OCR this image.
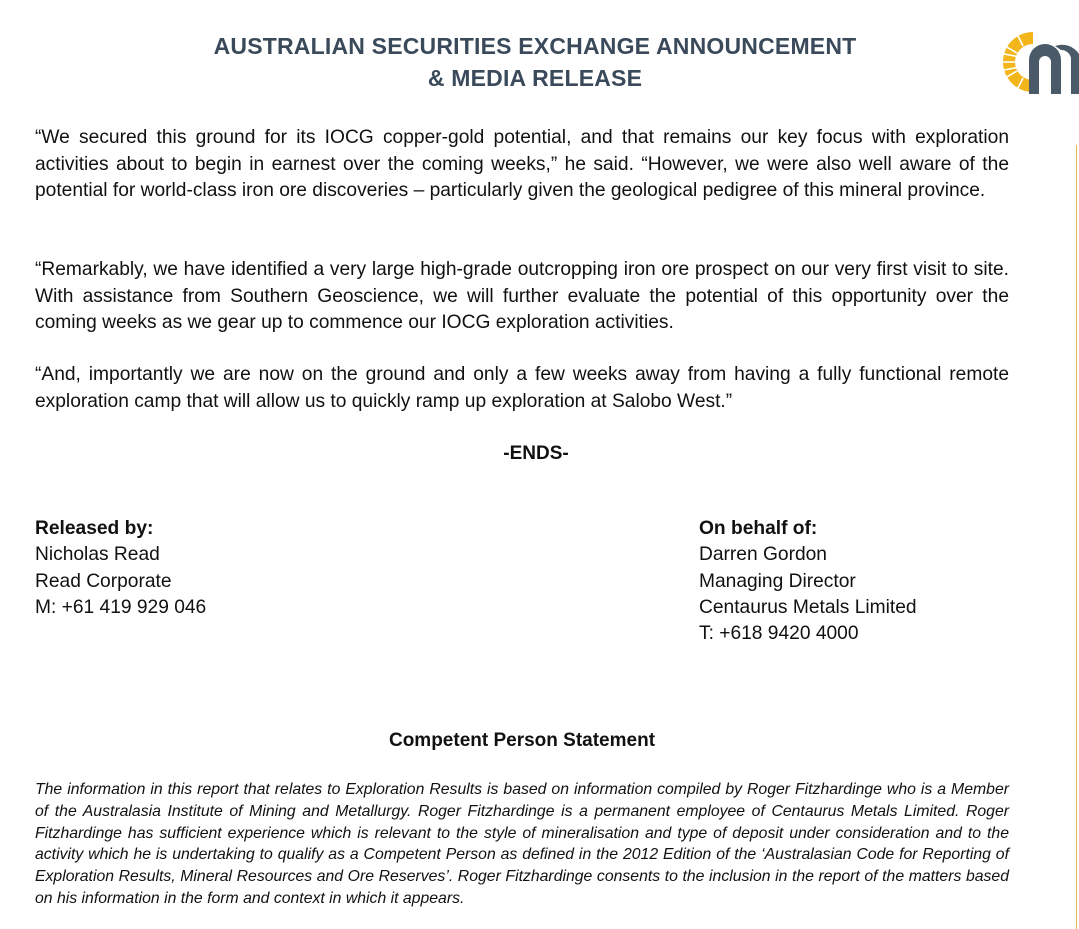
AUSTRALIAN SECURITIES EXCHANGE ANNOUNCEMENT
& MEDIA RELEASE
“We secured this ground for its IOCG copper-gold potential, and that remains our key focus with exploration activities about to begin in earnest over the coming weeks,” he said. “However, we were also well aware of the potential for world-class iron ore discoveries – particularly given the geological pedigree of this mineral province.
“Remarkably, we have identified a very large high-grade outcropping iron ore prospect on our very first visit to site. With assistance from Southern Geoscience, we will further evaluate the potential of this opportunity over the coming weeks as we gear up to commence our IOCG exploration activities.
“And, importantly we are now on the ground and only a few weeks away from having a fully functional remote exploration camp that will allow us to quickly ramp up exploration at Salobo West.”
-ENDS-
Released by:
Nicholas Read
Read Corporate
M: +61 419 929 046
On behalf of:
Darren Gordon
Managing Director
Centaurus Metals Limited
T: +618 9420 4000
Competent Person Statement
The information in this report that relates to Exploration Results is based on information compiled by Roger Fitzhardinge who is a Member of the Australasia Institute of Mining and Metallurgy. Roger Fitzhardinge is a permanent employee of Centaurus Metals Limited. Roger Fitzhardinge has sufficient experience which is relevant to the style of mineralisation and type of deposit under consideration and to the activity which he is undertaking to qualify as a Competent Person as defined in the 2012 Edition of the ‘Australasian Code for Reporting of Exploration Results, Mineral Resources and Ore Reserves’. Roger Fitzhardinge consents to the inclusion in the report of the matters based on his information in the form and context in which it appears.
